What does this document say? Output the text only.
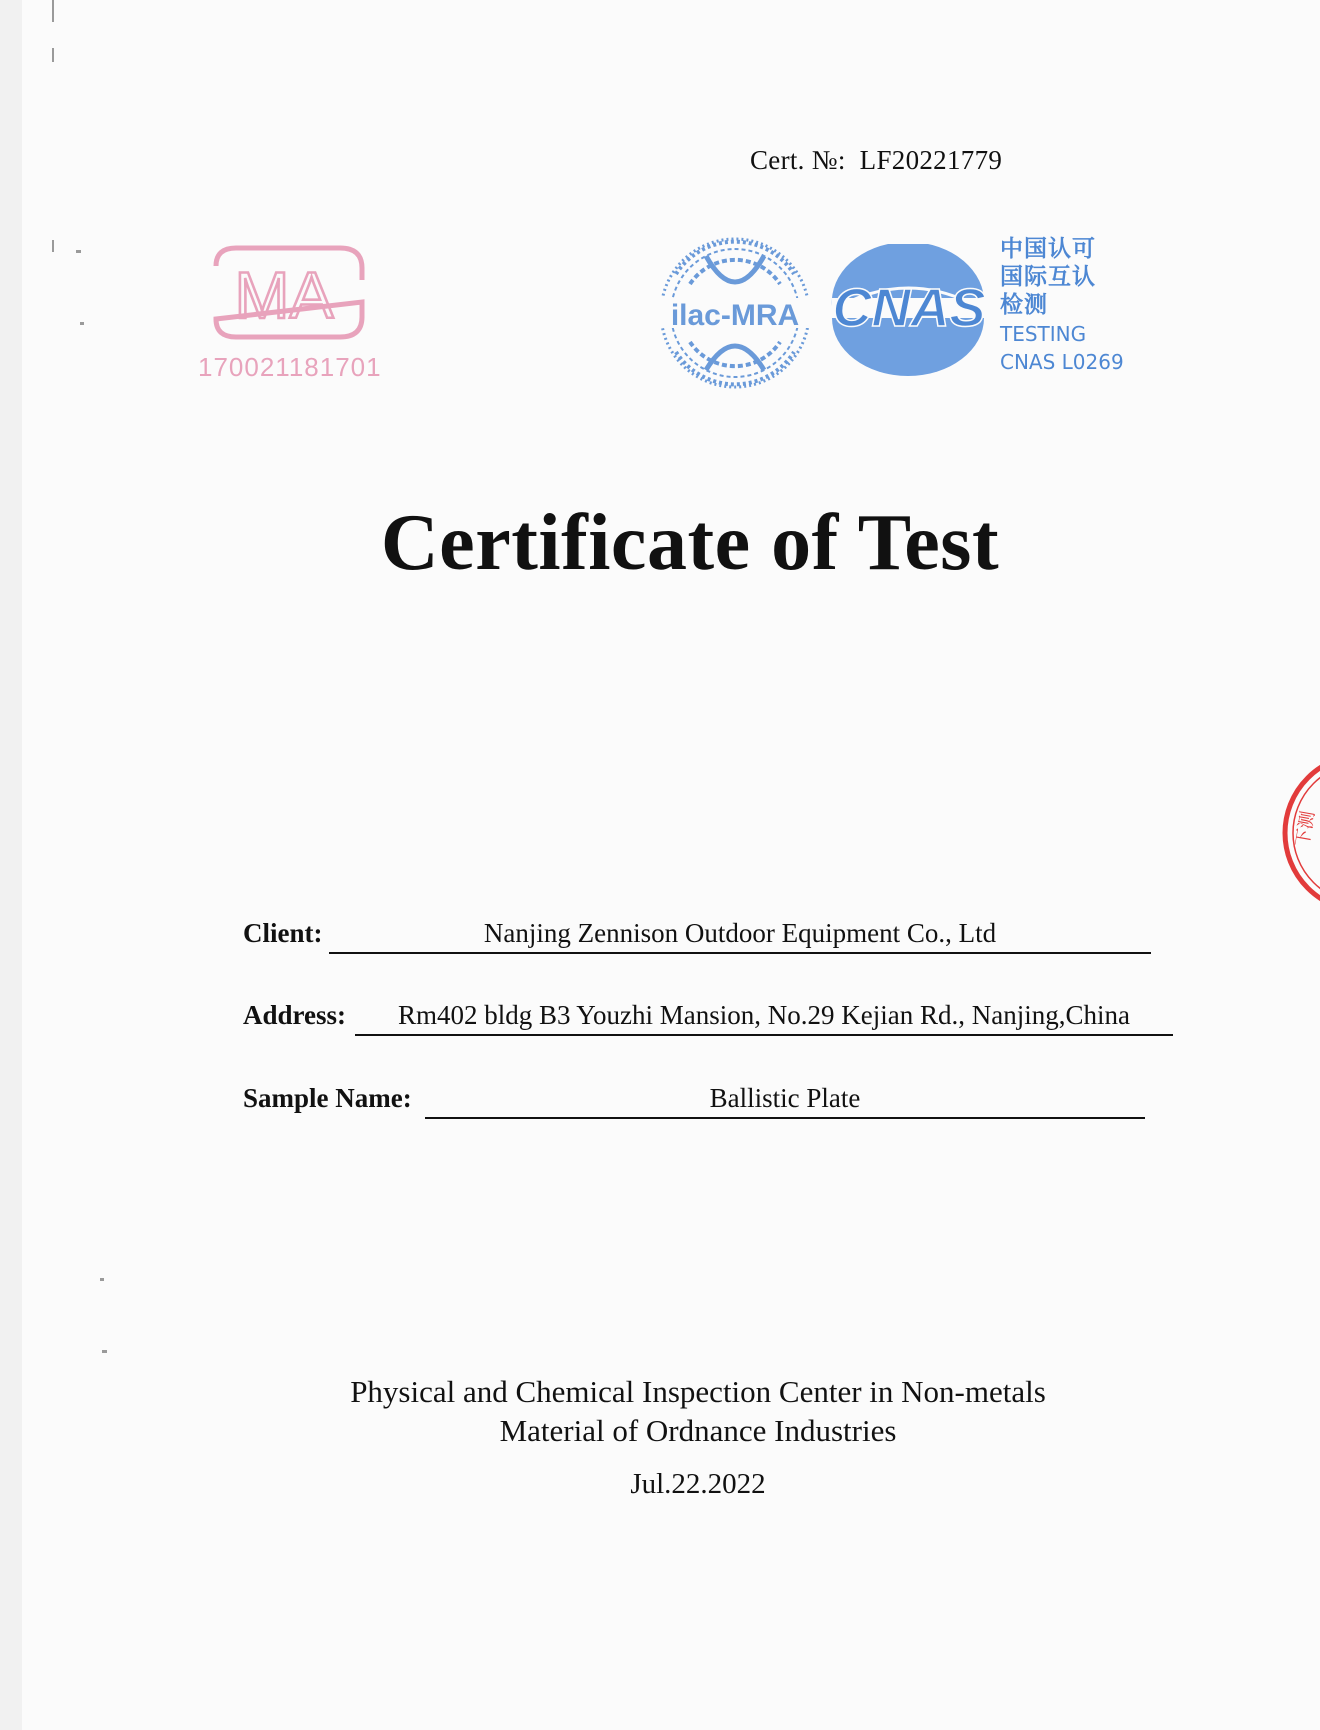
Cert. №: LF20221779
MA
170021181701
ilac-MRA CNAS
中国认可
国际互认
检测
TESTING
CNAS L0269
Certificate of Test
Client:	Nanjing Zennison Outdoor Equipment Co., Ltd
Address:	Rm402 bldg B3 Youzhi Mansion, No.29 Kejian Rd., Nanjing,China
Sample Name:	Ballistic Plate
Physical and Chemical Inspection Center in Non-metals
Material of Ordnance Industries
Jul.22.2022
下测
